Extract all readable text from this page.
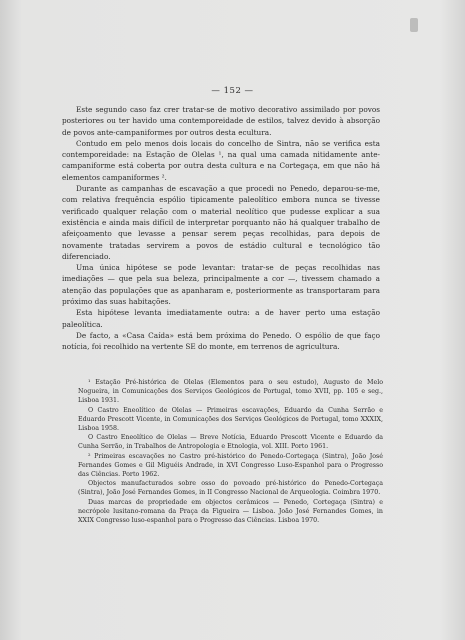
— 152 —

Este segundo caso faz crer tratar-se de motivo decorativo assimilado por povos posteriores ou ter havido uma contemporeidade de estilos, talvez devido à absorção de povos ante-campaniformes por outros desta ecultura.

Contudo em pelo menos dois locais do concelho de Sintra, não se verifica esta contemporeidade: na Estação de Olelas ¹, na qual uma camada nitidamente ante-campaniforme está coberta por outra desta cultura e na Cortegaça, em que não há elementos campaniformes ².

Durante as campanhas de escavação a que procedi no Penedo, deparou-se-me, com relativa frequência espólio tipicamente paleolítico embora nunca se tivesse verificado qualquer relação com o material neolítico que pudesse explicar a sua existência e ainda mais difícil de interpretar porquanto não há qualquer trabalho de afeiçoamento que levasse a pensar serem peças recolhidas, para depois de novamente tratadas servirem a povos de estádio cultural e tecnológico tão diferenciado.

Uma única hipótese se pode levantar: tratar-se de peças recolhidas nas imediações — que pela sua beleza, principalmente a cor —, tivessem chamado a atenção das populações que as apanharam e, posteriormente as transportaram para próximo das suas habitações.

Esta hipótese levanta imediatamente outra: a de haver perto uma estação paleolítica.

De facto, a «Casa Caída» está bem próxima do Penedo. O espólio de que faço notícia, foi recolhido na vertente SE do monte, em terrenos de agricultura.

¹ Estação Pré-histórica de Olelas (Elementos para o seu estudo), Augusto de Melo Nogueira, in Comunicações dos Serviços Geológicos de Portugal, tomo XVII, pp. 105 e seg., Lisboa 1931.

O Castro Eneolítico de Olelas — Primeiras escavações, Eduardo da Cunha Serrão e Eduardo Prescott Vicente, in Comunicações dos Serviços Geológicos de Portugal, tomo XXXIX, Lisboa 1958.

O Castro Eneolítico de Olelas — Breve Notícia, Eduardo Prescott Vicente e Eduardo da Cunha Serrão, in Trabalhos de Antropologia e Etnologia, vol. XIII. Porto 1961.

² Primeiras escavações no Castro pré-histórico do Penedo-Cortegaça (Sintra), João José Fernandes Gomes e Gil Miguéis Andrade, in XVI Congresso Luso-Espanhol para o Progresso das Ciências. Porto 1962.

Objectos manufacturados sobre osso do povoado pré-histórico do Penedo-Cortegaça (Sintra), João José Fernandes Gomes, in II Congresso Nacional de Arqueologia. Coimbra 1970.

Duas marcas de propriedade em objectos cerâmicos — Penedo, Cortegaça (Sintra) e necrópole lusitano-romana da Praça da Figueira — Lisboa. João José Fernandes Gomes, in XXIX Congresso luso-espanhol para o Progresso das Ciências. Lisboa 1970.
